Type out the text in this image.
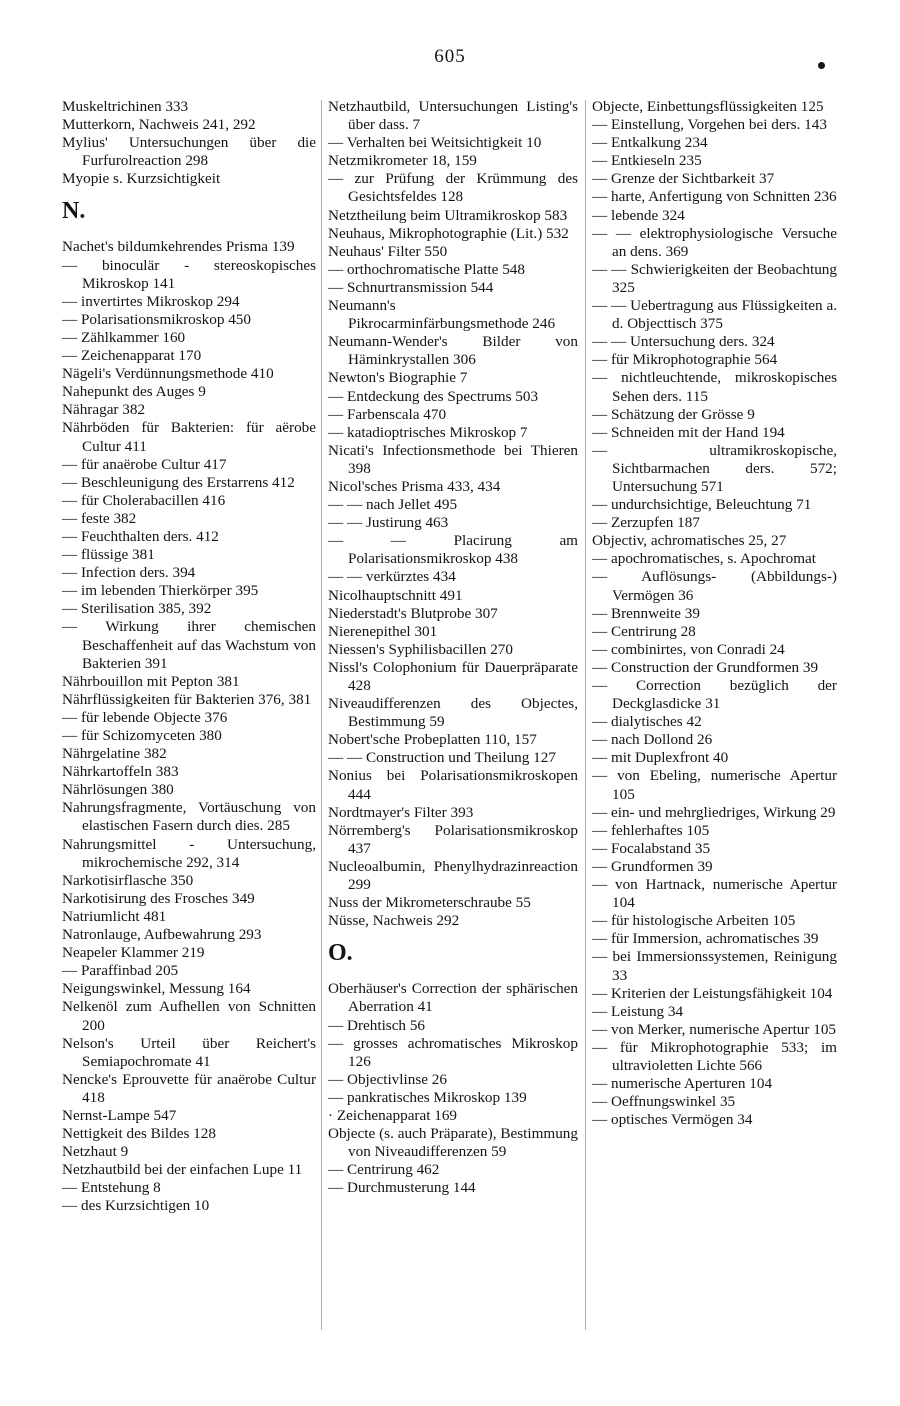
605

Muskeltrichinen 333

Mutterkorn, Nachweis 241, 292

Mylius' Untersuchungen über die Furfurolreaction 298

Myopie s. Kurzsichtigkeit

N.

Nachet's bildumkehrendes Prisma 139

— binoculär - stereoskopisches Mikroskop 141

— invertirtes Mikroskop 294

— Polarisationsmikroskop 450

— Zählkammer 160

— Zeichenapparat 170

Nägeli's Verdünnungsmethode 410

Nahepunkt des Auges 9

Nähragar 382

Nährböden für Bakterien: für aërobe Cultur 411

— für anaërobe Cultur 417

— Beschleunigung des Erstarrens 412

— für Cholerabacillen 416

— feste 382

— Feuchthalten ders. 412

— flüssige 381

— Infection ders. 394

— im lebenden Thierkörper 395

— Sterilisation 385, 392

— Wirkung ihrer chemischen Beschaffenheit auf das Wachstum von Bakterien 391

Nährbouillon mit Pepton 381

Nährflüssigkeiten für Bakterien 376, 381

— für lebende Objecte 376

— für Schizomyceten 380

Nährgelatine 382

Nährkartoffeln 383

Nährlösungen 380

Nahrungsfragmente, Vortäuschung von elastischen Fasern durch dies. 285

Nahrungsmittel - Untersuchung, mikrochemische 292, 314

Narkotisirflasche 350

Narkotisirung des Frosches 349

Natriumlicht 481

Natronlauge, Aufbewahrung 293

Neapeler Klammer 219

— Paraffinbad 205

Neigungswinkel, Messung 164

Nelkenöl zum Aufhellen von Schnitten 200

Nelson's Urteil über Reichert's Semiapochromate 41

Nencke's Eprouvette für anaërobe Cultur 418

Nernst-Lampe 547

Nettigkeit des Bildes 128

Netzhaut 9

Netzhautbild bei der einfachen Lupe 11

— Entstehung 8

— des Kurzsichtigen 10

Netzhautbild, Untersuchungen Listing's über dass. 7

— Verhalten bei Weitsichtigkeit 10

Netzmikrometer 18, 159

— zur Prüfung der Krümmung des Gesichtsfeldes 128

Netztheilung beim Ultramikroskop 583

Neuhaus, Mikrophotographie (Lit.) 532

Neuhaus' Filter 550

— orthochromatische Platte 548

— Schnurtransmission 544

Neumann's Pikrocarminfärbungsmethode 246

Neumann-Wender's Bilder von Häminkrystallen 306

Newton's Biographie 7

— Entdeckung des Spectrums 503

— Farbenscala 470

— katadioptrisches Mikroskop 7

Nicati's Infectionsmethode bei Thieren 398

Nicol'sches Prisma 433, 434

— — nach Jellet 495

— — Justirung 463

— — Placirung am Polarisationsmikroskop 438

— — verkürztes 434

Nicolhauptschnitt 491

Niederstadt's Blutprobe 307

Nierenepithel 301

Niessen's Syphilisbacillen 270

Nissl's Colophonium für Dauerpräparate 428

Niveaudifferenzen des Objectes, Bestimmung 59

Nobert'sche Probeplatten 110, 157

— — Construction und Theilung 127

Nonius bei Polarisationsmikroskopen 444

Nordtmayer's Filter 393

Nörremberg's Polarisationsmikroskop 437

Nucleoalbumin, Phenylhydrazinreaction 299

Nuss der Mikrometerschraube 55

Nüsse, Nachweis 292

O.

Oberhäuser's Correction der sphärischen Aberration 41

— Drehtisch 56

— grosses achromatisches Mikroskop 126

— Objectivlinse 26

— pankratisches Mikroskop 139

· Zeichenapparat 169

Objecte (s. auch Präparate), Bestimmung von Niveaudifferenzen 59

— Centrirung 462

— Durchmusterung 144

Objecte, Einbettungsflüssigkeiten 125

— Einstellung, Vorgehen bei ders. 143

— Entkalkung 234

— Entkieseln 235

— Grenze der Sichtbarkeit 37

— harte, Anfertigung von Schnitten 236

— lebende 324

— — elektrophysiologische Versuche an dens. 369

— — Schwierigkeiten der Beobachtung 325

— — Uebertragung aus Flüssigkeiten a. d. Objecttisch 375

— — Untersuchung ders. 324

— für Mikrophotographie 564

— nichtleuchtende, mikroskopisches Sehen ders. 115

— Schätzung der Grösse 9

— Schneiden mit der Hand 194

— ultramikroskopische, Sichtbarmachen ders. 572; Untersuchung 571

— undurchsichtige, Beleuchtung 71

— Zerzupfen 187

Objectiv, achromatisches 25, 27

— apochromatisches, s. Apochromat

— Auflösungs- (Abbildungs-) Vermögen 36

— Brennweite 39

— Centrirung 28

— combinirtes, von Conradi 24

— Construction der Grundformen 39

— Correction bezüglich der Deckglasdicke 31

— dialytisches 42

— nach Dollond 26

— mit Duplexfront 40

— von Ebeling, numerische Apertur 105

— ein- und mehrgliedriges, Wirkung 29

— fehlerhaftes 105

— Focalabstand 35

— Grundformen 39

— von Hartnack, numerische Apertur 104

— für histologische Arbeiten 105

— für Immersion, achromatisches 39

— bei Immersionssystemen, Reinigung 33

— Kriterien der Leistungsfähigkeit 104

— Leistung 34

— von Merker, numerische Apertur 105

— für Mikrophotographie 533; im ultravioletten Lichte 566

— numerische Aperturen 104

— Oeffnungswinkel 35

— optisches Vermögen 34
